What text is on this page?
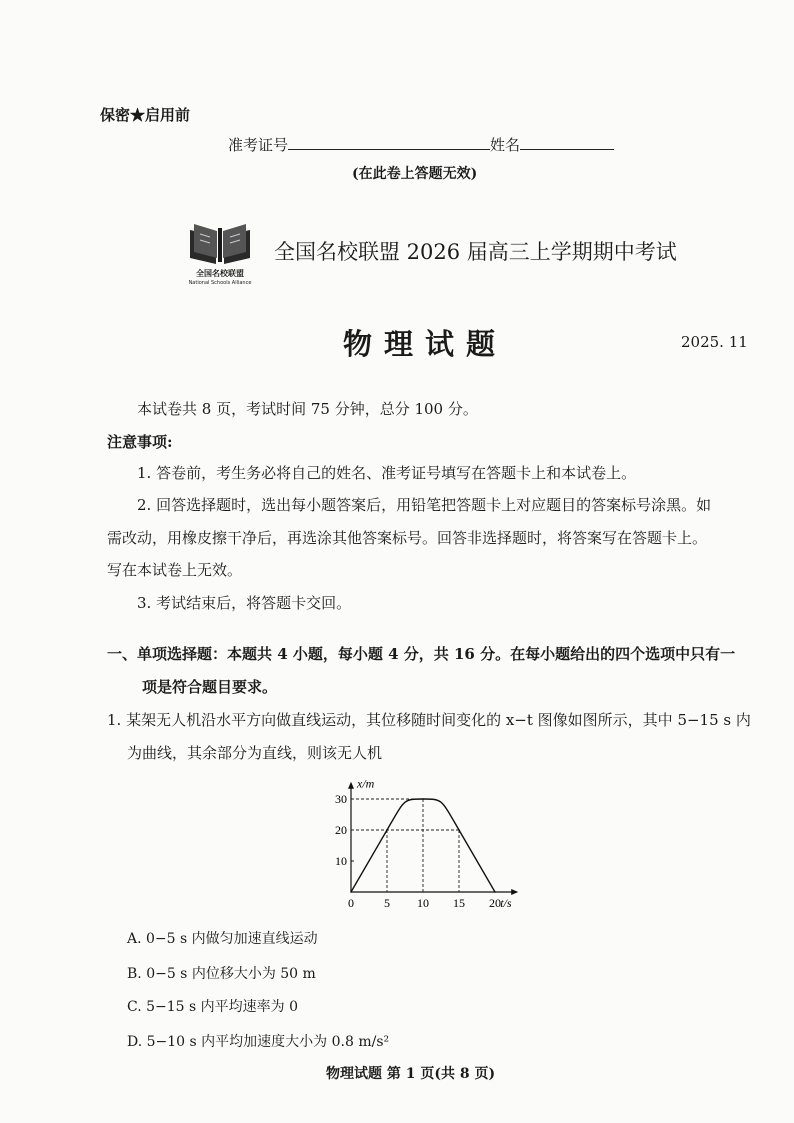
保密★启用前
准考证号	姓名
(在此卷上答题无效)
全国名校联盟
National Schools Alliance
全国名校联盟 2026 届高三上学期期中考试
物理试题	2025. 11
本试卷共 8 页，考试时间 75 分钟，总分 100 分。
注意事项:
1. 答卷前，考生务必将自己的姓名、准考证号填写在答题卡上和本试卷上。
2. 回答选择题时，选出每小题答案后，用铅笔把答题卡上对应题目的答案标号涂黑。如
需改动，用橡皮擦干净后，再选涂其他答案标号。回答非选择题时，将答案写在答题卡上。
写在本试卷上无效。
3. 考试结束后，将答题卡交回。
一、单项选择题：本题共 4 小题，每小题 4 分，共 16 分。在每小题给出的四个选项中只有一
项是符合题目要求。
1. 某架无人机沿水平方向做直线运动，其位移随时间变化的 x−t 图像如图所示，其中 5−15 s 内
为曲线，其余部分为直线，则该无人机
x/m
t/s
0	5 10 15 20
10
20
30
A. 0−5 s 内做匀加速直线运动
B. 0−5 s 内位移大小为 50 m
C. 5−15 s 内平均速率为 0
D. 5−10 s 内平均加速度大小为 0.8 m/s²
物理试题 第 1 页(共 8 页)
